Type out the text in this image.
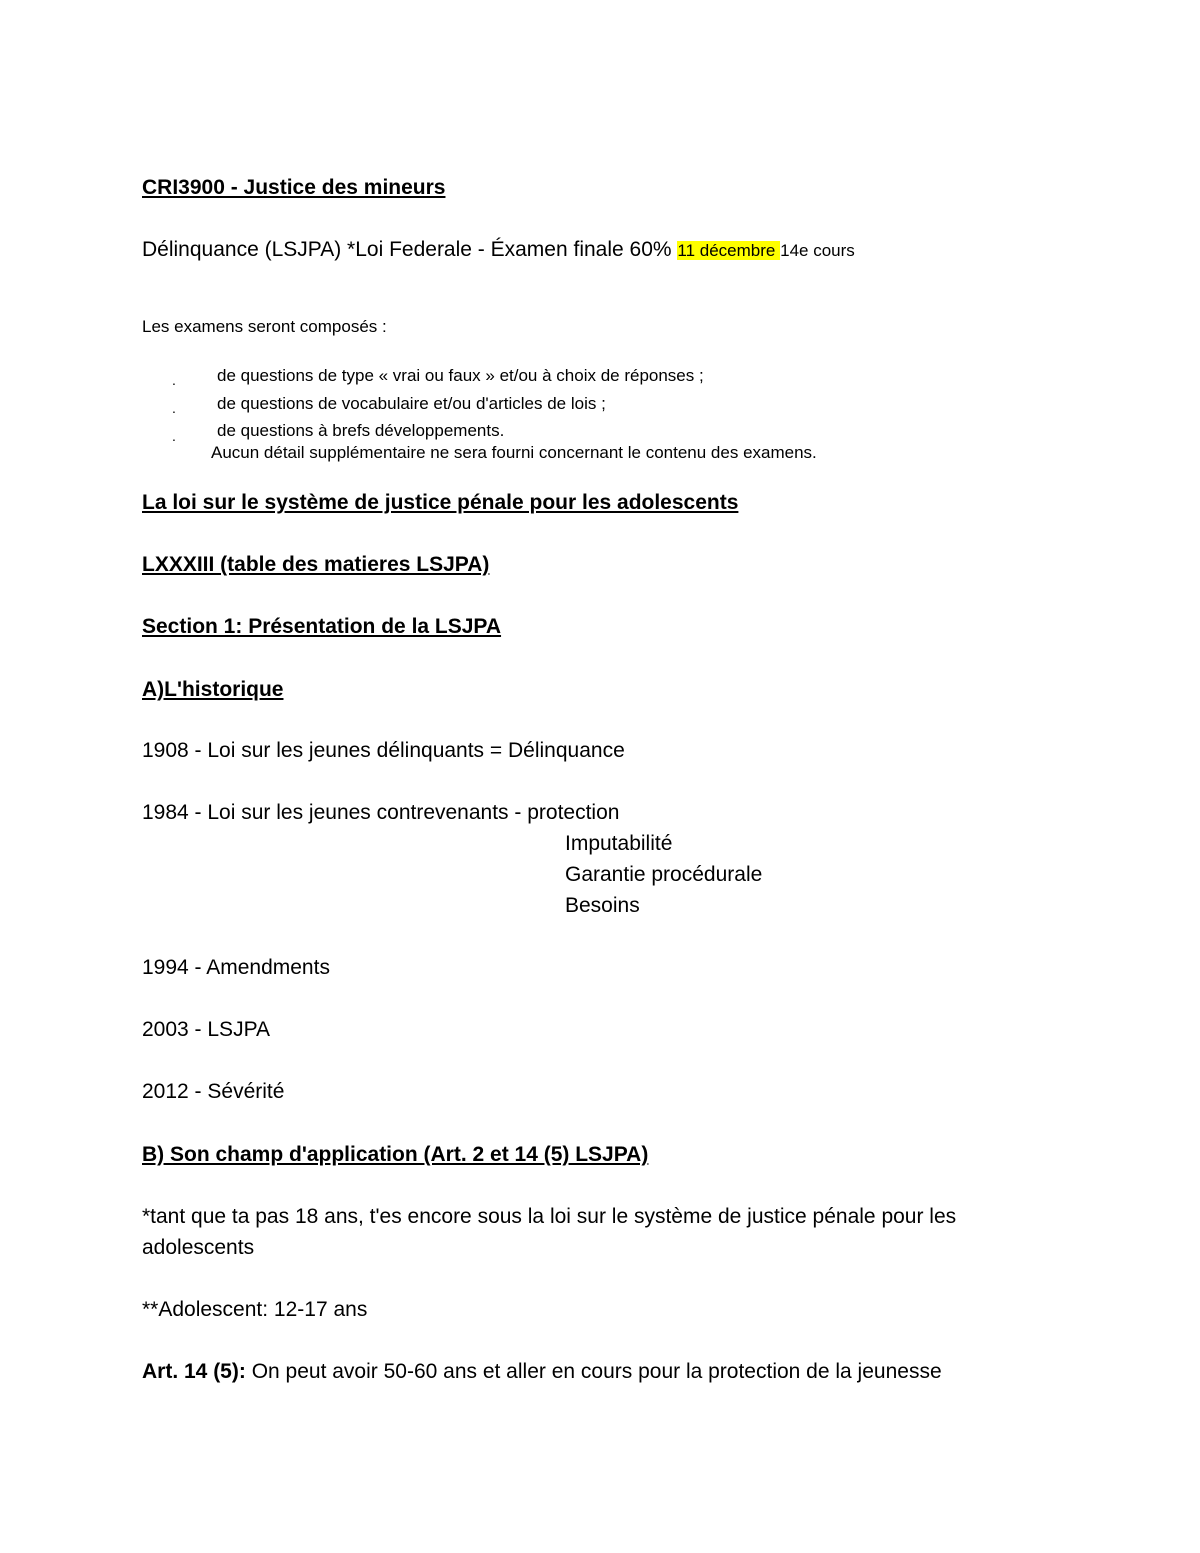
CRI3900 - Justice des mineurs
Délinquance (LSJPA) *Loi Federale - Éxamen finale 60% 11 décembre 14e cours
Les examens seront composés :
. de questions de type « vrai ou faux » et/ou à choix de réponses ;
. de questions de vocabulaire et/ou d'articles de lois ;
. de questions à brefs développements.
Aucun détail supplémentaire ne sera fourni concernant le contenu des examens.
La loi sur le système de justice pénale pour les adolescents
LXXXIII (table des matieres LSJPA)
Section 1: Présentation de la LSJPA
A)L'historique
1908 - Loi sur les jeunes délinquants = Délinquance
1984 - Loi sur les jeunes contrevenants - protection
Imputabilité
Garantie procédurale
Besoins
1994 - Amendments
2003 - LSJPA
2012 - Sévérité
B) Son champ d'application (Art. 2 et 14 (5) LSJPA)
*tant que ta pas 18 ans, t'es encore sous la loi sur le système de justice pénale pour les
adolescents
**Adolescent: 12-17 ans
Art. 14 (5): On peut avoir 50-60 ans et aller en cours pour la protection de la jeunesse
